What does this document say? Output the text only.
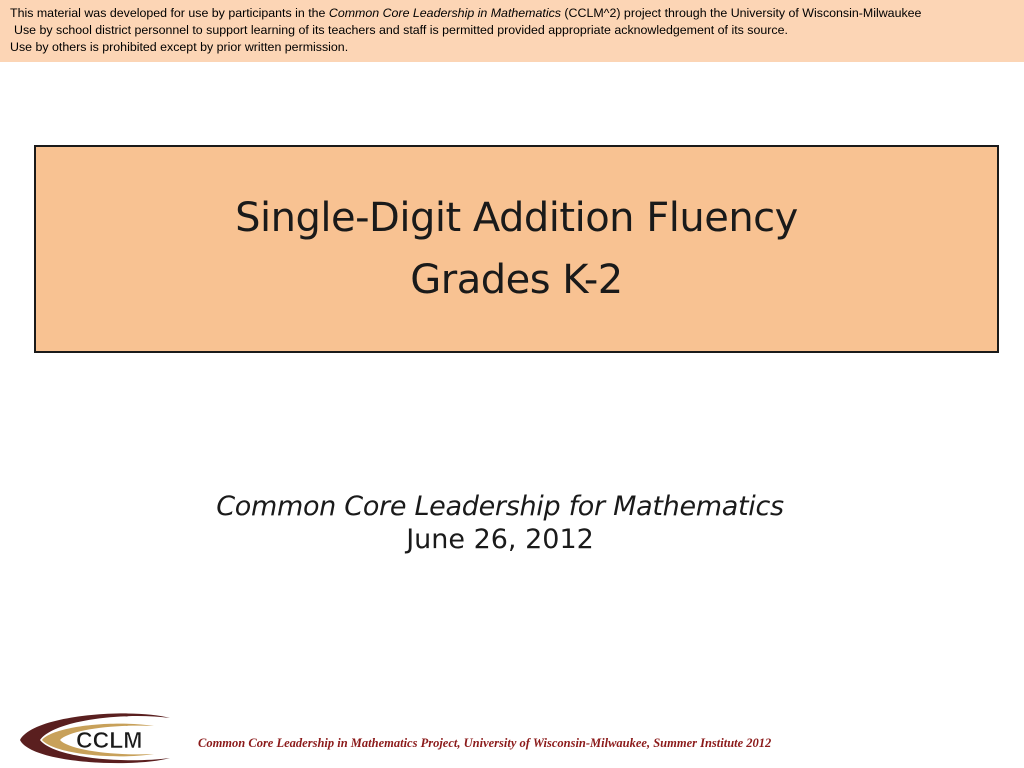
This material was developed for use by participants in the Common Core Leadership in Mathematics (CCLM^2) project through the University of Wisconsin-Milwaukee
Use by school district personnel to support learning of its teachers and staff is permitted provided appropriate acknowledgement of its source.
Use by others is prohibited except by prior written permission.
Single-Digit Addition Fluency
Grades K-2
Common Core Leadership for Mathematics
June 26, 2012
CCLM	Common Core Leadership in Mathematics Project, University of Wisconsin-Milwaukee, Summer Institute 2012
